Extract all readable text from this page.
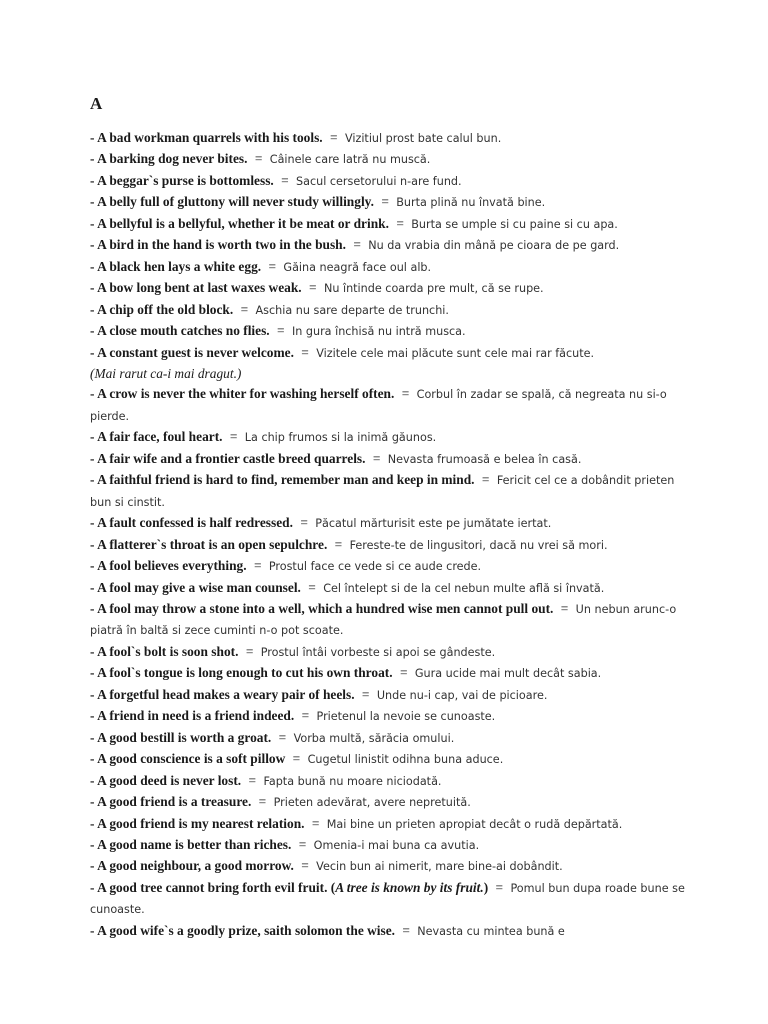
A

- A bad workman quarrels with his tools. = Vizitiul prost bate calul bun.

- A barking dog never bites. = Câinele care latră nu muscă.

- A beggar`s purse is bottomless. = Sacul cersetorului n-are fund.

- A belly full of gluttony will never study willingly. = Burta plină nu învată bine.

- A bellyful is a bellyful, whether it be meat or drink. = Burta se umple si cu paine si cu apa.

- A bird in the hand is worth two in the bush. = Nu da vrabia din mână pe cioara de pe gard.

- A black hen lays a white egg. = Găina neagră face oul alb.

- A bow long bent at last waxes weak. = Nu întinde coarda pre mult, că se rupe.

- A chip off the old block. = Aschia nu sare departe de trunchi.

- A close mouth catches no flies. = In gura închisă nu intră musca.

- A constant guest is never welcome. = Vizitele cele mai plăcute sunt cele mai rar făcute.
(Mai rarut ca-i mai dragut.)

- A crow is never the whiter for washing herself often. = Corbul în zadar se spală, că negreata nu si-o pierde.

- A fair face, foul heart. = La chip frumos si la inimă găunos.

- A fair wife and a frontier castle breed quarrels. = Nevasta frumoasă e belea în casă.

- A faithful friend is hard to find, remember man and keep in mind. = Fericit cel ce a dobândit prieten bun si cinstit.

- A fault confessed is half redressed. = Păcatul mărturisit este pe jumătate iertat.

- A flatterer`s throat is an open sepulchre. = Fereste-te de lingusitori, dacă nu vrei să mori.

- A fool believes everything. = Prostul face ce vede si ce aude crede.

- A fool may give a wise man counsel. = Cel întelept si de la cel nebun multe află si învată.

- A fool may throw a stone into a well, which a hundred wise men cannot pull out. = Un nebun arunc-o piatră în baltă si zece cuminti n-o pot scoate.

- A fool`s bolt is soon shot. = Prostul întâi vorbeste si apoi se gândeste.

- A fool`s tongue is long enough to cut his own throat. = Gura ucide mai mult decât sabia.

- A forgetful head makes a weary pair of heels. = Unde nu-i cap, vai de picioare.

- A friend in need is a friend indeed. = Prietenul la nevoie se cunoaste.

- A good bestill is worth a groat. = Vorba multă, sărăcia omului.

- A good conscience is a soft pillow = Cugetul linistit odihna buna aduce.

- A good deed is never lost. = Fapta bună nu moare niciodată.

- A good friend is a treasure. = Prieten adevărat, avere nepretuită.

- A good friend is my nearest relation. = Mai bine un prieten apropiat decât o rudă depărtată.

- A good name is better than riches. = Omenia-i mai buna ca avutia.

- A good neighbour, a good morrow. = Vecin bun ai nimerit, mare bine-ai dobândit.

- A good tree cannot bring forth evil fruit. (A tree is known by its fruit.) = Pomul bun dupa roade bune se cunoaste.

- A good wife`s a goodly prize, saith solomon the wise. = Nevasta cu mintea bună e
